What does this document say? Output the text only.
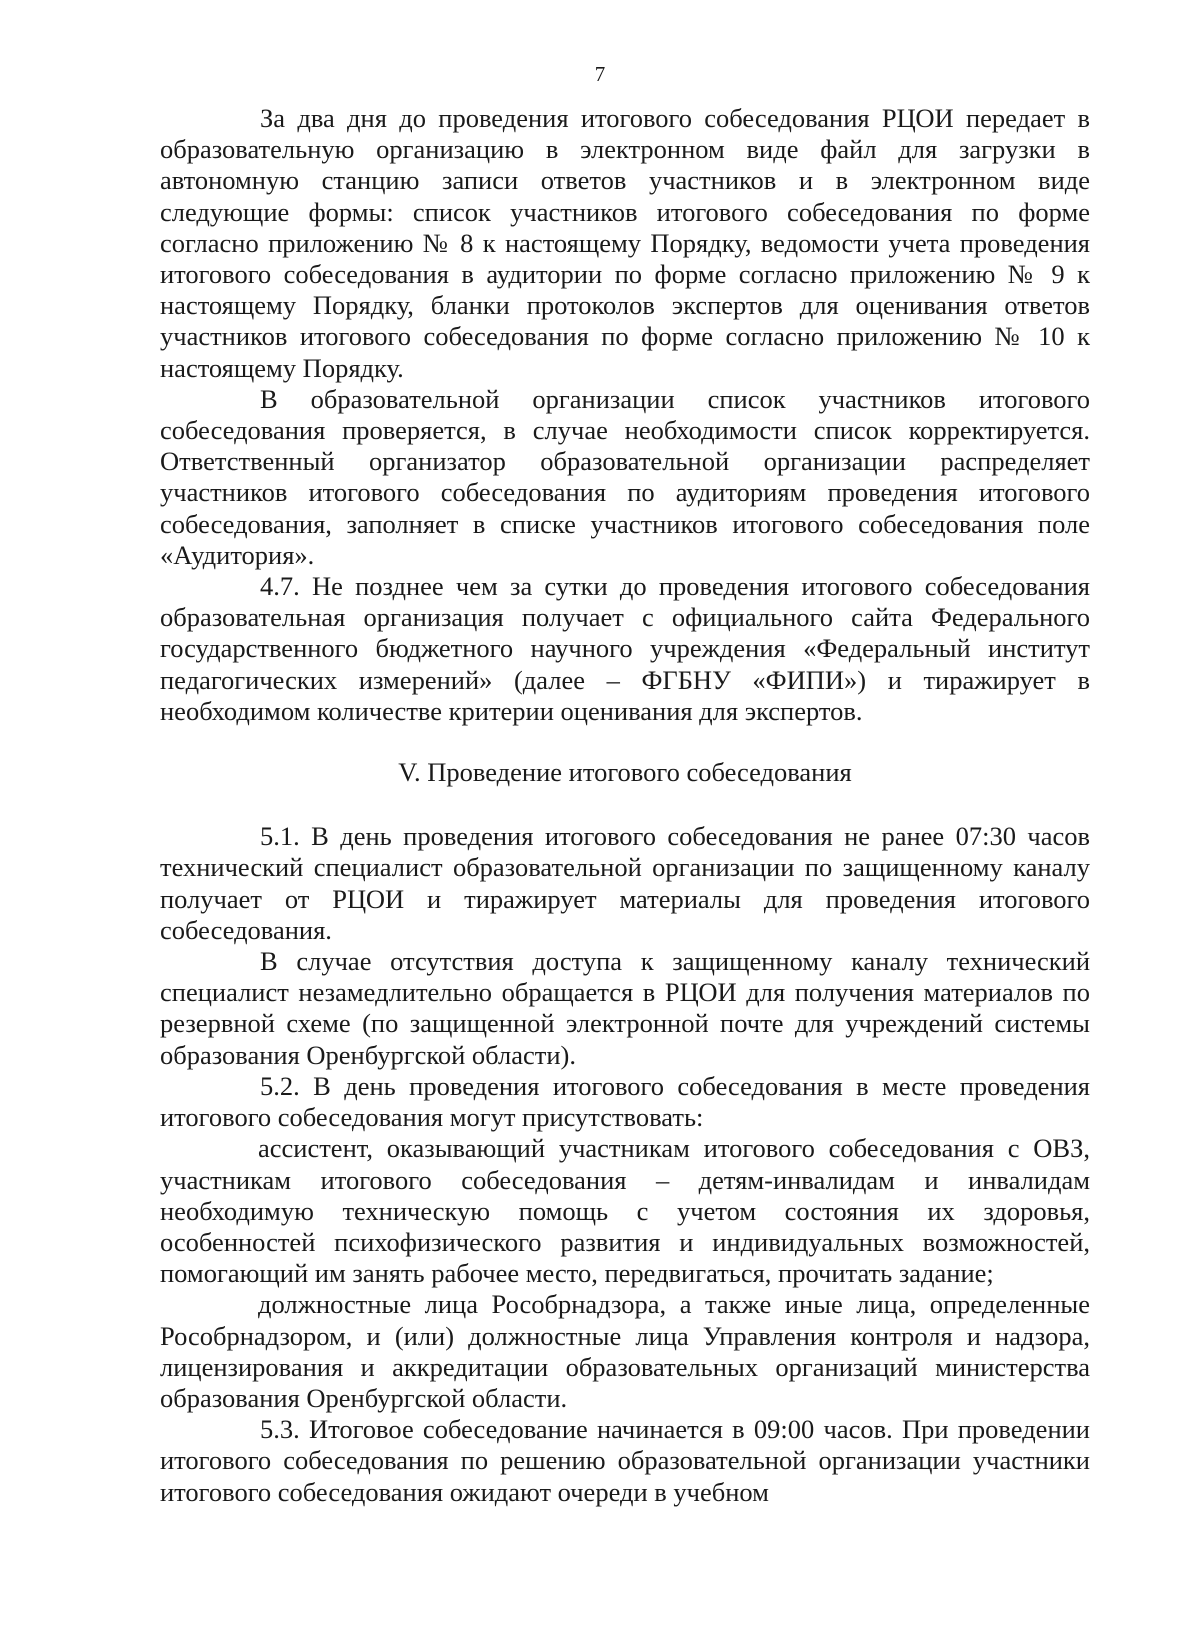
7

За два дня до проведения итогового собеседования РЦОИ передает в образовательную организацию в электронном виде файл для загрузки в автономную станцию записи ответов участников и в электронном виде следующие формы: список участников итогового собеседования по форме согласно приложению № 8 к настоящему Порядку, ведомости учета проведения итогового собеседования в аудитории по форме согласно приложению № 9 к настоящему Порядку, бланки протоколов экспертов для оценивания ответов участников итогового собеседования по форме согласно приложению № 10 к настоящему Порядку.

В образовательной организации список участников итогового собеседования проверяется, в случае необходимости список корректируется. Ответственный организатор образовательной организации распределяет участников итогового собеседования по аудиториям проведения итогового собеседования, заполняет в списке участников итогового собеседования поле «Аудитория».

4.7. Не позднее чем за сутки до проведения итогового собеседования образовательная организация получает с официального сайта Федерального государственного бюджетного научного учреждения «Федеральный институт педагогических измерений» (далее – ФГБНУ «ФИПИ») и тиражирует в необходимом количестве критерии оценивания для экспертов.

V. Проведение итогового собеседования

5.1. В день проведения итогового собеседования не ранее 07:30 часов технический специалист образовательной организации по защищенному каналу получает от РЦОИ и тиражирует материалы для проведения итогового собеседования.

В случае отсутствия доступа к защищенному каналу технический специалист незамедлительно обращается в РЦОИ для получения материалов по резервной схеме (по защищенной электронной почте для учреждений системы образования Оренбургской области).

5.2. В день проведения итогового собеседования в месте проведения итогового собеседования могут присутствовать:

ассистент, оказывающий участникам итогового собеседования с ОВЗ, участникам итогового собеседования – детям-инвалидам и инвалидам необходимую техническую помощь с учетом состояния их здоровья, особенностей психофизического развития и индивидуальных возможностей, помогающий им занять рабочее место, передвигаться, прочитать задание;

должностные лица Рособрнадзора, а также иные лица, определенные Рособрнадзором, и (или) должностные лица Управления контроля и надзора, лицензирования и аккредитации образовательных организаций министерства образования Оренбургской области.

5.3. Итоговое собеседование начинается в 09:00 часов. При проведении итогового собеседования по решению образовательной организации участники итогового собеседования ожидают очереди в учебном
